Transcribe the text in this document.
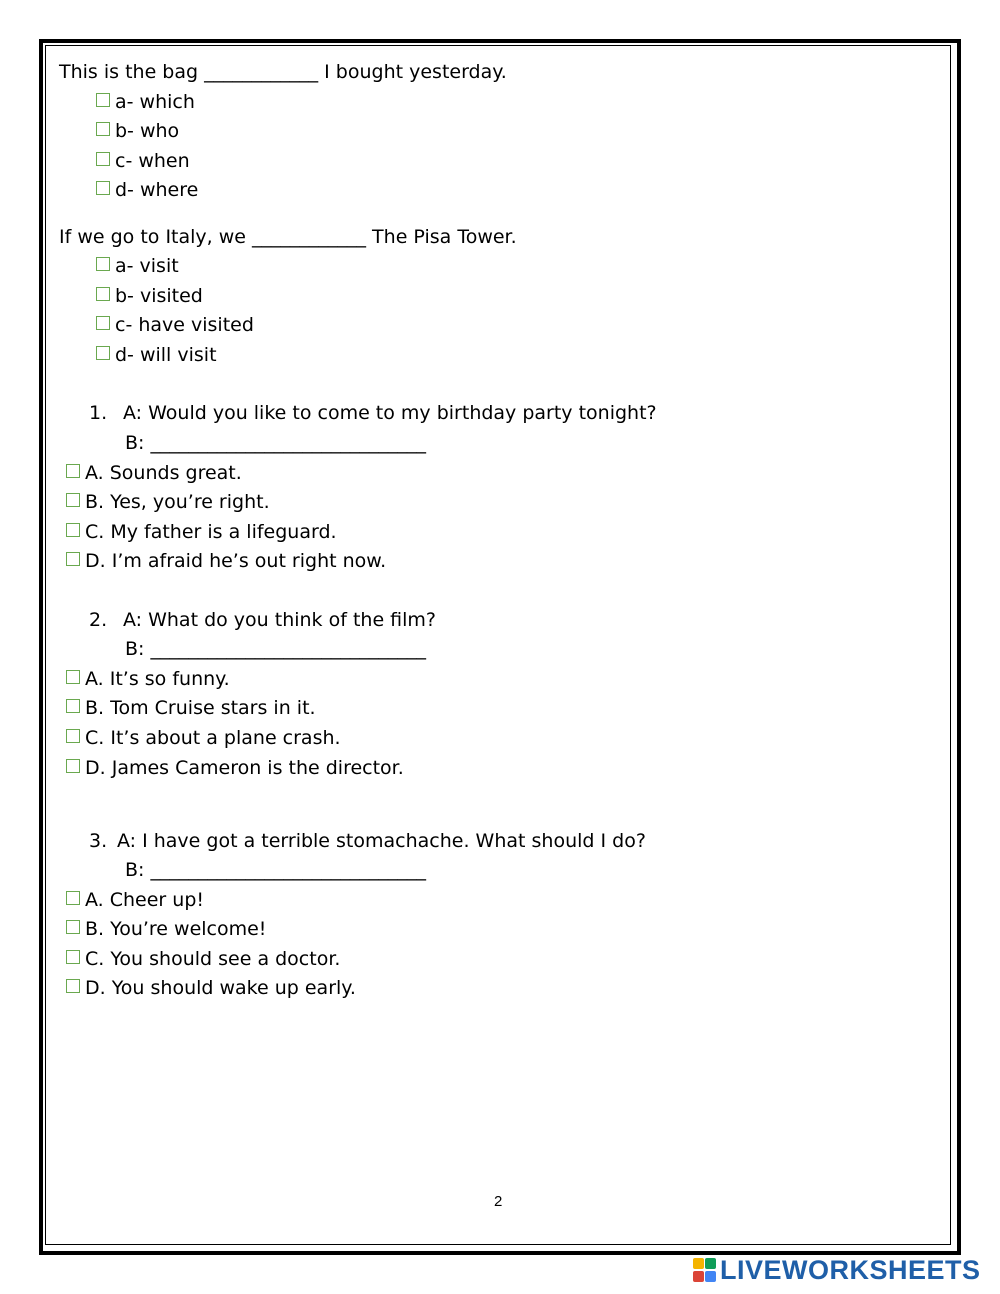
This is the bag ____________ I bought yesterday.
a- which
b- who
c- when
d- where
If we go to Italy, we ____________ The Pisa Tower.
a- visit
b- visited
c- have visited
d- will visit
1. A: Would you like to come to my birthday party tonight?
B: _____________________________
A. Sounds great.
B. Yes, you’re right.
C. My father is a lifeguard.
D. I’m afraid he’s out right now.
2. A: What do you think of the film?
B: _____________________________
A. It’s so funny.
B. Tom Cruise stars in it.
C. It’s about a plane crash.
D. James Cameron is the director.
3. A: I have got a terrible stomachache. What should I do?
B: _____________________________
A. Cheer up!
B. You’re welcome!
C. You should see a doctor.
D. You should wake up early.
2
LIVEWORKSHEETS
